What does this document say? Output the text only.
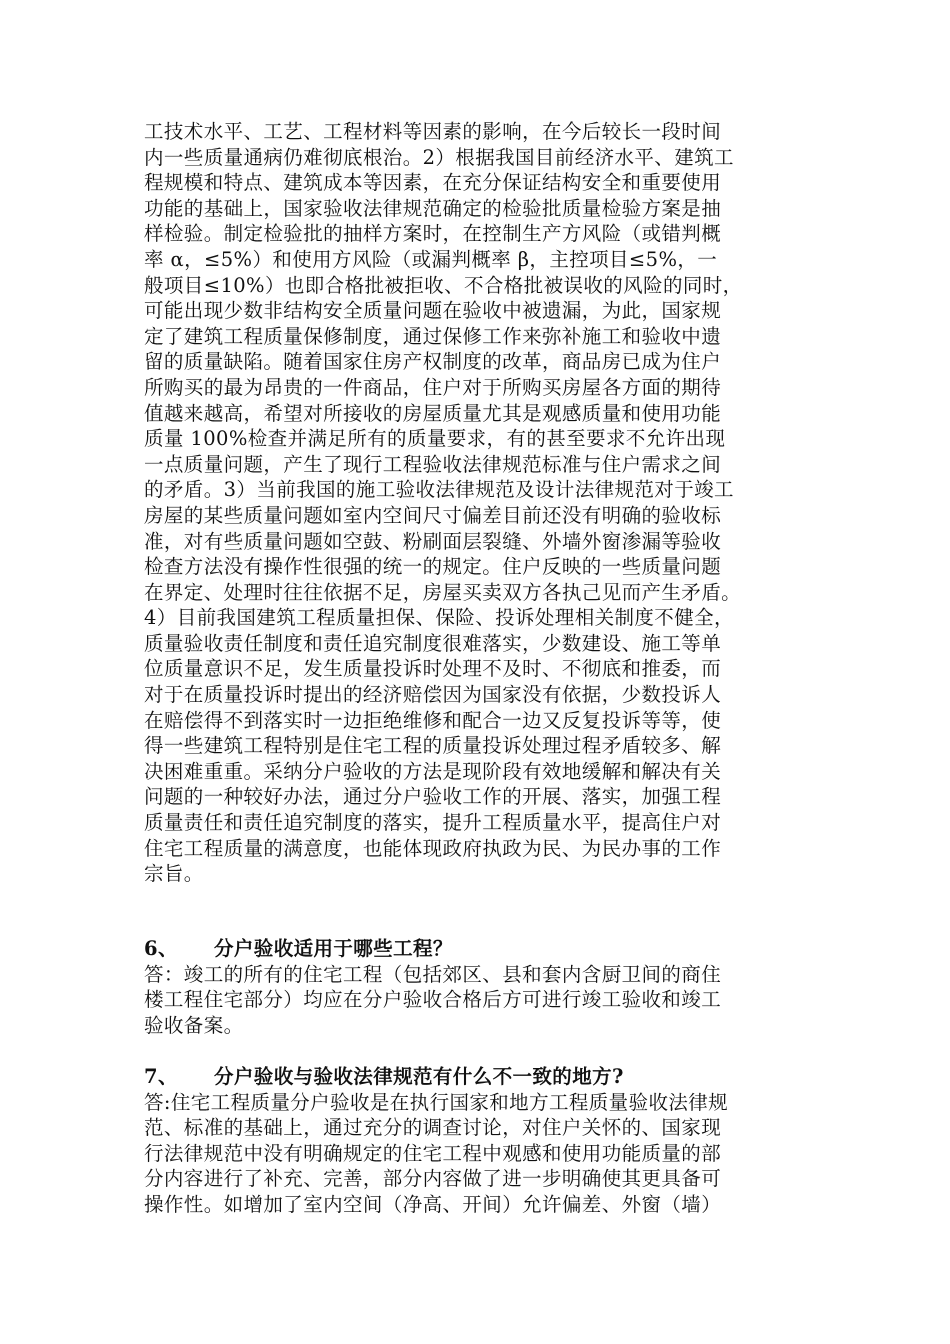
工技术水平、工艺、工程材料等因素的影响，在今后较长一段时间
内一些质量通病仍难彻底根治。2）根据我国目前经济水平、建筑工
程规模和特点、建筑成本等因素，在充分保证结构安全和重要使用
功能的基础上，国家验收法律规范确定的检验批质量检验方案是抽
样检验。制定检验批的抽样方案时，在控制生产方风险（或错判概
率 α，≤5%）和使用方风险（或漏判概率 β，主控项目≤5%，一
般项目≤10%）也即合格批被拒收、不合格批被误收的风险的同时，
可能出现少数非结构安全质量问题在验收中被遗漏，为此，国家规
定了建筑工程质量保修制度，通过保修工作来弥补施工和验收中遗
留的质量缺陷。随着国家住房产权制度的改革，商品房已成为住户
所购买的最为昂贵的一件商品，住户对于所购买房屋各方面的期待
值越来越高，希望对所接收的房屋质量尤其是观感质量和使用功能
质量 100%检查并满足所有的质量要求，有的甚至要求不允许出现
一点质量问题，产生了现行工程验收法律规范标准与住户需求之间
的矛盾。3）当前我国的施工验收法律规范及设计法律规范对于竣工
房屋的某些质量问题如室内空间尺寸偏差目前还没有明确的验收标
准，对有些质量问题如空鼓、粉刷面层裂缝、外墙外窗渗漏等验收
检查方法没有操作性很强的统一的规定。住户反映的一些质量问题
在界定、处理时往往依据不足，房屋买卖双方各执己见而产生矛盾。
4）目前我国建筑工程质量担保、保险、投诉处理相关制度不健全，
质量验收责任制度和责任追究制度很难落实，少数建设、施工等单
位质量意识不足，发生质量投诉时处理不及时、不彻底和推委，而
对于在质量投诉时提出的经济赔偿因为国家没有依据，少数投诉人
在赔偿得不到落实时一边拒绝维修和配合一边又反复投诉等等，使
得一些建筑工程特别是住宅工程的质量投诉处理过程矛盾较多、解
决困难重重。采纳分户验收的方法是现阶段有效地缓解和解决有关
问题的一种较好办法，通过分户验收工作的开展、落实，加强工程
质量责任和责任追究制度的落实，提升工程质量水平，提高住户对
住宅工程质量的满意度，也能体现政府执政为民、为民办事的工作
宗旨。
6、 分户验收适用于哪些工程？
答：竣工的所有的住宅工程（包括郊区、县和套内含厨卫间的商住
楼工程住宅部分）均应在分户验收合格后方可进行竣工验收和竣工
验收备案。
7、 分户验收与验收法律规范有什么不一致的地方?
答:住宅工程质量分户验收是在执行国家和地方工程质量验收法律规
范、标准的基础上，通过充分的调查讨论，对住户关怀的、国家现
行法律规范中没有明确规定的住宅工程中观感和使用功能质量的部
分内容进行了补充、完善，部分内容做了进一步明确使其更具备可
操作性。如增加了室内空间（净高、开间）允许偏差、外窗（墙）
